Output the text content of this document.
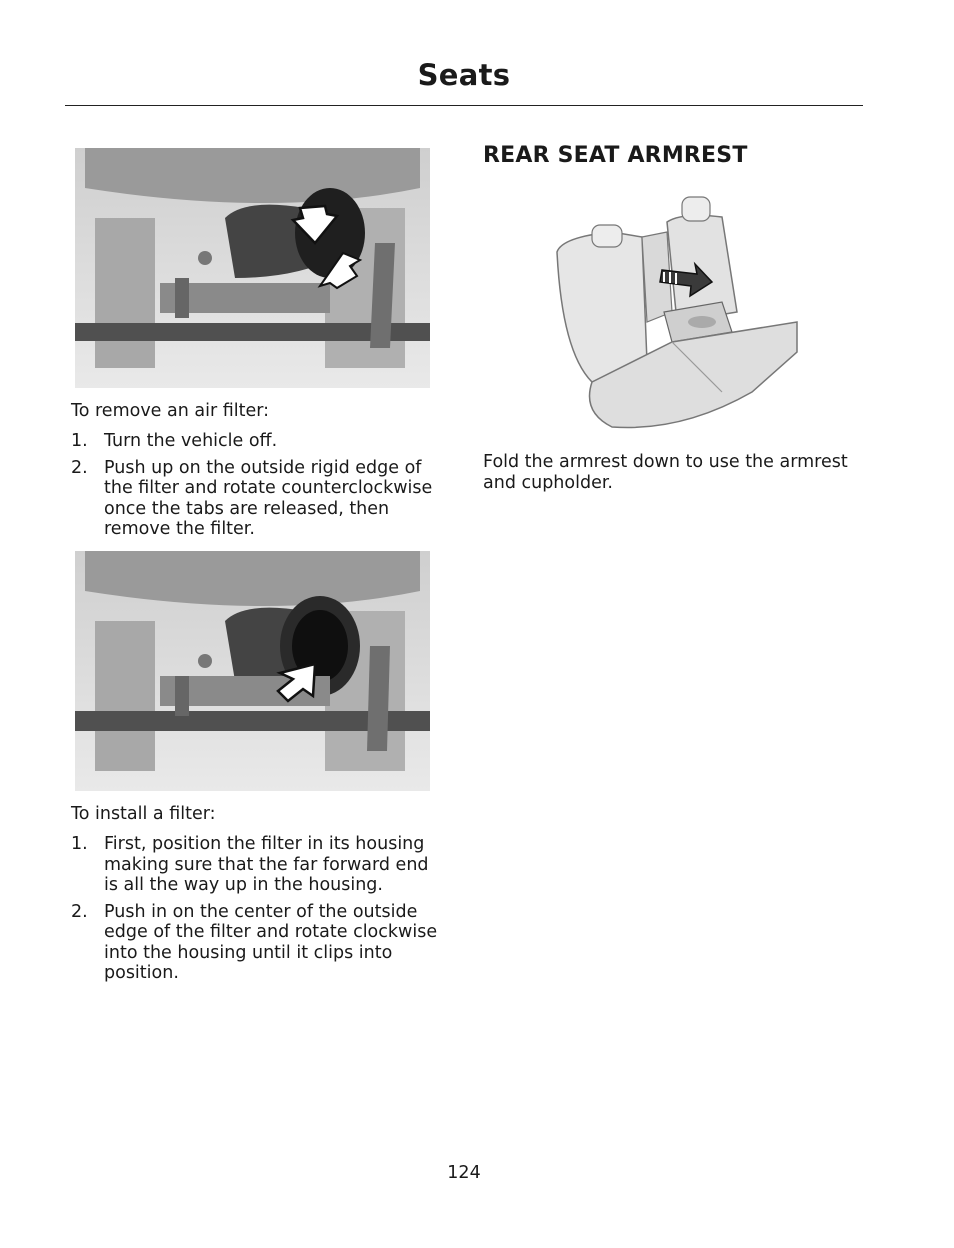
Seats

To remove an air filter:

1. Turn the vehicle off.
2. Push up on the outside rigid edge of the filter and rotate counterclockwise once the tabs are released, then remove the filter.

To install a filter:

1. First, position the filter in its housing making sure that the far forward end is all the way up in the housing.
2. Push in on the center of the outside edge of the filter and rotate clockwise into the housing until it clips into position.
REAR SEAT ARMREST

Fold the armrest down to use the armrest and cupholder.

124
